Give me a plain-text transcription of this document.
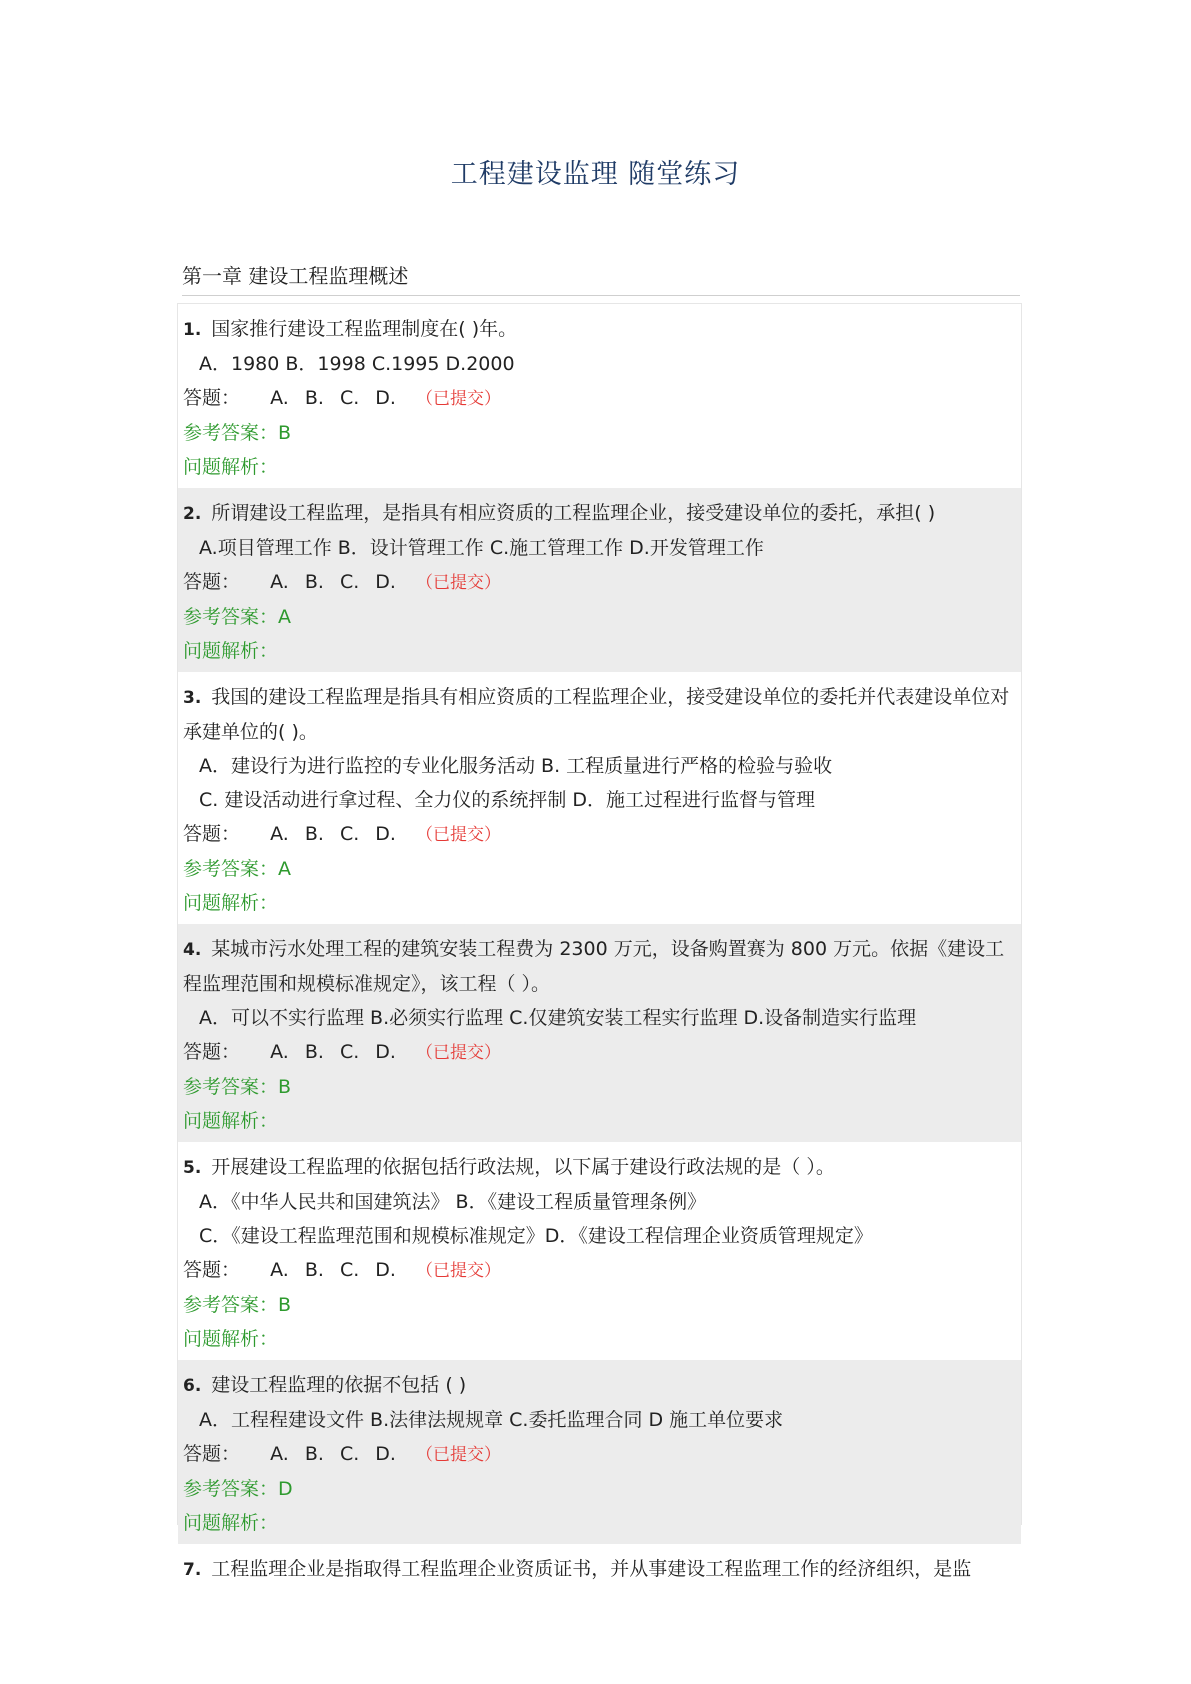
工程建设监理 随堂练习
第一章 建设工程监理概述
1. 国家推行建设工程监理制度在( )年。
A．1980 B．1998 C.1995 D.2000
答题： A. B. C. D. （已提交）
参考答案：B
问题解析：
2. 所谓建设工程监理，是指具有相应资质的工程监理企业，接受建设单位的委托，承担( )
A.项目管理工作 B．设计管理工作 C.施工管理工作 D.开发管理工作
答题： A. B. C. D. （已提交）
参考答案：A
问题解析：
3. 我国的建设工程监理是指具有相应资质的工程监理企业，接受建设单位的委托并代表建设单位对承建单位的( )。
A．建设行为进行监控的专业化服务活动 B. 工程质量进行严格的检验与验收
C. 建设活动进行拿过程、全力仪的系统抨制 D．施工过程进行监督与管理
答题： A. B. C. D. （已提交）
参考答案：A
问题解析：
4. 某城市污水处理工程的建筑安装工程费为 2300 万元，设备购置赛为 800 万元。依据《建设工程监理范围和规模标准规定》，该工程（ ）。
A．可以不实行监理 B.必须实行监理 C.仅建筑安装工程实行监理 D.设备制造实行监理
答题： A. B. C. D. （已提交）
参考答案：B
问题解析：
5. 开展建设工程监理的依据包括行政法规，以下属于建设行政法规的是（ ）。
A．《中华人民共和国建筑法》 B．《建设工程质量管理条例》
C．《建设工程监理范围和规模标准规定》D．《建设工程信理企业资质管理规定》
答题： A. B. C. D. （已提交）
参考答案：B
问题解析：
6. 建设工程监理的依据不包括 ( )
A．工程程建设文件 B.法律法规规章 C.委托监理合同 D 施工单位要求
答题： A. B. C. D. （已提交）
参考答案：D
问题解析：
7. 工程监理企业是指取得工程监理企业资质证书，并从事建设工程监理工作的经济组织，是监
